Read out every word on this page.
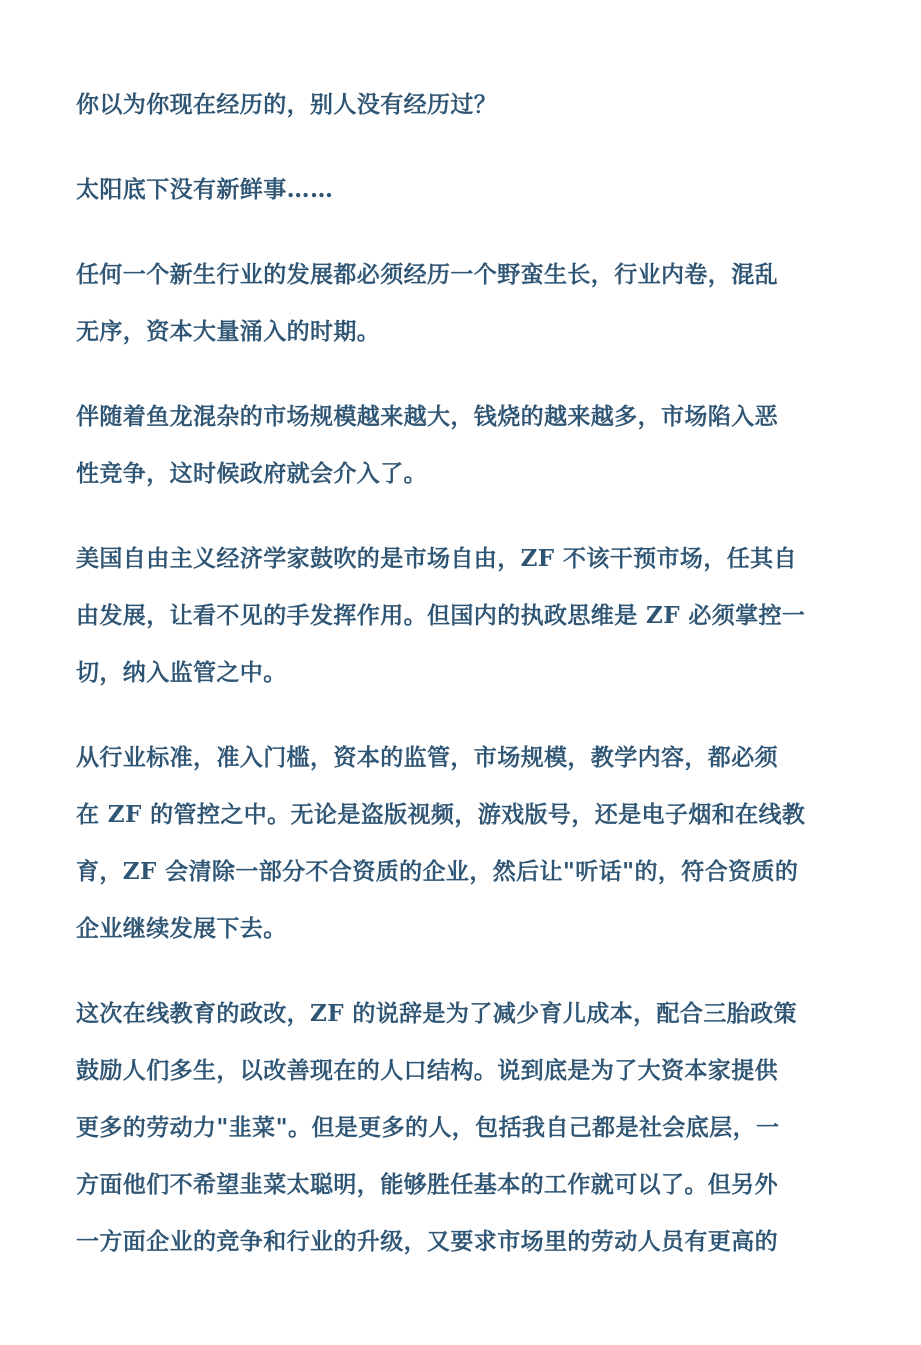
你以为你现在经历的，别人没有经历过？

太阳底下没有新鲜事……

任何一个新生行业的发展都必须经历一个野蛮生长，行业内卷，混乱
无序，资本大量涌入的时期。

伴随着鱼龙混杂的市场规模越来越大，钱烧的越来越多，市场陷入恶
性竞争，这时候政府就会介入了。

美国自由主义经济学家鼓吹的是市场自由，ZF 不该干预市场，任其自
由发展，让看不见的手发挥作用。但国内的执政思维是 ZF 必须掌控一
切，纳入监管之中。

从行业标准，准入门槛，资本的监管，市场规模，教学内容，都必须
在 ZF 的管控之中。无论是盗版视频，游戏版号，还是电子烟和在线教
育，ZF 会清除一部分不合资质的企业，然后让"听话"的，符合资质的
企业继续发展下去。

这次在线教育的政改，ZF 的说辞是为了减少育儿成本，配合三胎政策
鼓励人们多生，以改善现在的人口结构。说到底是为了大资本家提供
更多的劳动力"韭菜"。但是更多的人，包括我自己都是社会底层，一
方面他们不希望韭菜太聪明，能够胜任基本的工作就可以了。但另外
一方面企业的竞争和行业的升级，又要求市场里的劳动人员有更高的
